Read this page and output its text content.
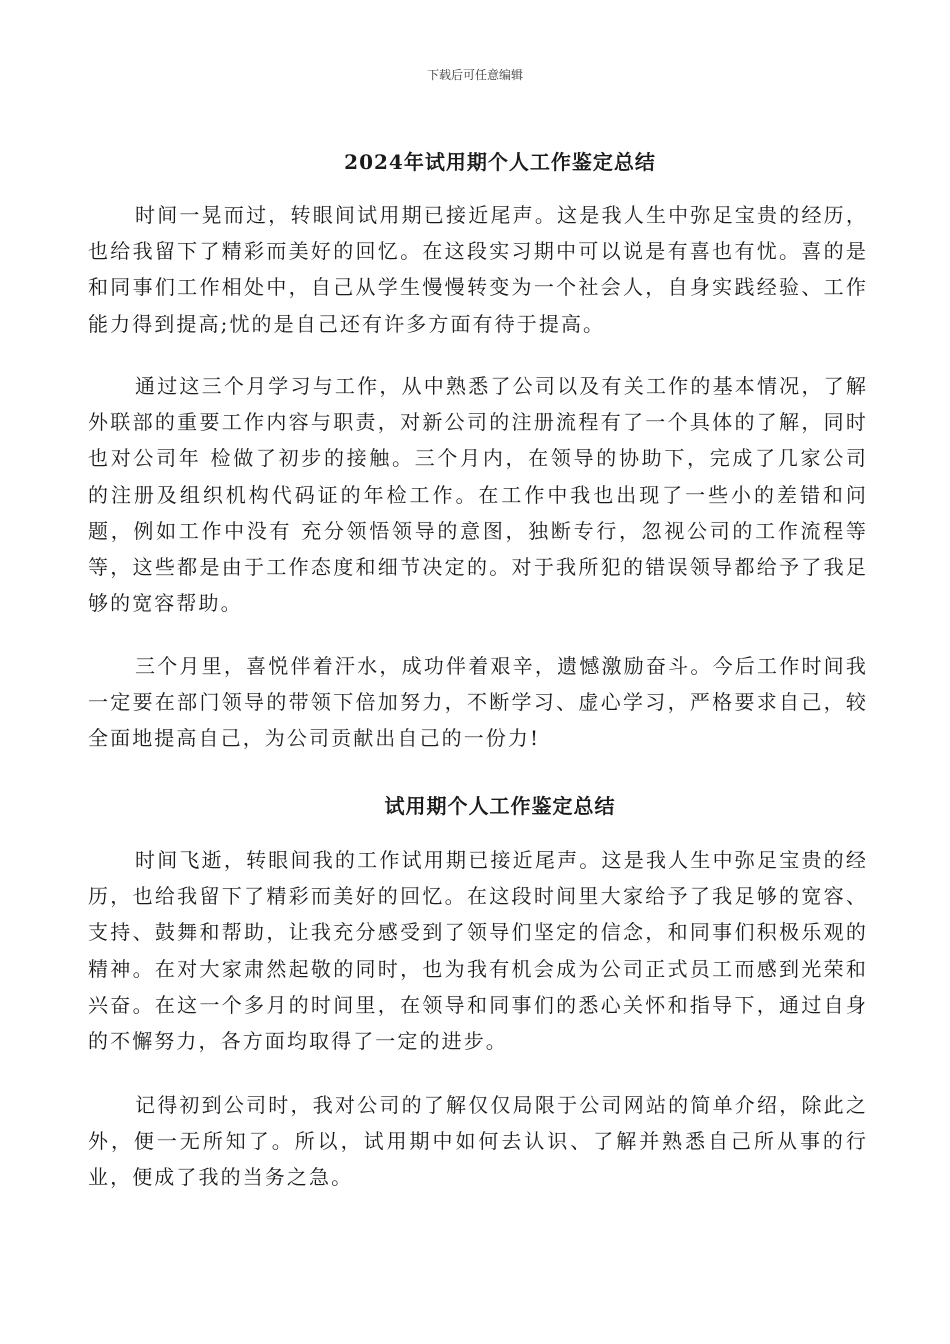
下载后可任意编辑
2024年试用期个人工作鉴定总结

时间一晃而过，转眼间试用期已接近尾声。这是我人生中弥足宝贵的经历，也给我留下了精彩而美好的回忆。在这段实习期中可以说是有喜也有忧。喜的是和同事们工作相处中，自己从学生慢慢转变为一个社会人，自身实践经验、工作能力得到提高;忧的是自己还有许多方面有待于提高。

通过这三个月学习与工作，从中熟悉了公司以及有关工作的基本情况，了解外联部的重要工作内容与职责，对新公司的注册流程有了一个具体的了解，同时也对公司年 检做了初步的接触。三个月内，在领导的协助下，完成了几家公司的注册及组织机构代码证的年检工作。在工作中我也出现了一些小的差错和问题，例如工作中没有 充分领悟领导的意图，独断专行，忽视公司的工作流程等等，这些都是由于工作态度和细节决定的。对于我所犯的错误领导都给予了我足够的宽容帮助。

三个月里，喜悦伴着汗水，成功伴着艰辛，遗憾激励奋斗。今后工作时间我一定要在部门领导的带领下倍加努力，不断学习、虚心学习，严格要求自己，较全面地提高自己，为公司贡献出自己的一份力!

试用期个人工作鉴定总结

时间飞逝，转眼间我的工作试用期已接近尾声。这是我人生中弥足宝贵的经历，也给我留下了精彩而美好的回忆。在这段时间里大家给予了我足够的宽容、支持、鼓舞和帮助，让我充分感受到了领导们坚定的信念，和同事们积极乐观的精神。在对大家肃然起敬的同时，也为我有机会成为公司正式员工而感到光荣和兴奋。在这一个多月的时间里，在领导和同事们的悉心关怀和指导下，通过自身的不懈努力，各方面均取得了一定的进步。

记得初到公司时，我对公司的了解仅仅局限于公司网站的简单介绍，除此之外，便一无所知了。所以，试用期中如何去认识、了解并熟悉自己所从事的行业，便成了我的当务之急。
